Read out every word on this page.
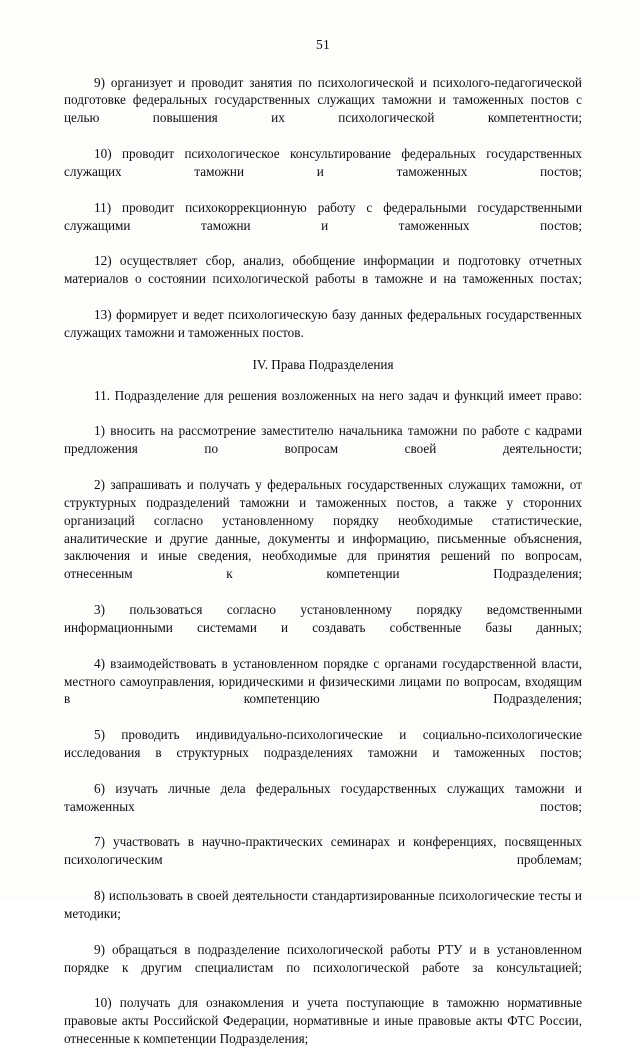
51

9) организует и проводит занятия по психологической и психолого-педагогической подготовке федеральных государственных служащих таможни и таможенных постов с целью повышения их психологической компетентности;

10) проводит психологическое консультирование федеральных государственных служащих таможни и таможенных постов;

11) проводит психокоррекционную работу с федеральными государственными служащими таможни и таможенных постов;

12) осуществляет сбор, анализ, обобщение информации и подготовку отчетных материалов о состоянии психологической работы в таможне и на таможенных постах;

13) формирует и ведет психологическую базу данных федеральных государственных служащих таможни и таможенных постов.

IV. Права Подразделения

11. Подразделение для решения возложенных на него задач и функций имеет право:

1) вносить на рассмотрение заместителю начальника таможни по работе с кадрами предложения по вопросам своей деятельности;

2) запрашивать и получать у федеральных государственных служащих таможни, от структурных подразделений таможни и таможенных постов, а также у сторонних организаций согласно установленному порядку необходимые статистические, аналитические и другие данные, документы и информацию, письменные объяснения, заключения и иные сведения, необходимые для принятия решений по вопросам, отнесенным к компетенции Подразделения;

3) пользоваться согласно установленному порядку ведомственными информационными системами и создавать собственные базы данных;

4) взаимодействовать в установленном порядке с органами государственной власти, местного самоуправления, юридическими и физическими лицами по вопросам, входящим в компетенцию Подразделения;

5) проводить индивидуально-психологические и социально-психологические исследования в структурных подразделениях таможни и таможенных постов;

6) изучать личные дела федеральных государственных служащих таможни и таможенных постов;

7) участвовать в научно-практических семинарах и конференциях, посвященных психологическим проблемам;

8) использовать в своей деятельности стандартизированные психологические тесты и методики;

9) обращаться в подразделение психологической работы РТУ и в установленном порядке к другим специалистам по психологической работе за консультацией;

10) получать для ознакомления и учета поступающие в таможню нормативные правовые акты Российской Федерации, нормативные и иные правовые акты ФТС России, отнесенные к компетенции Подразделения;
